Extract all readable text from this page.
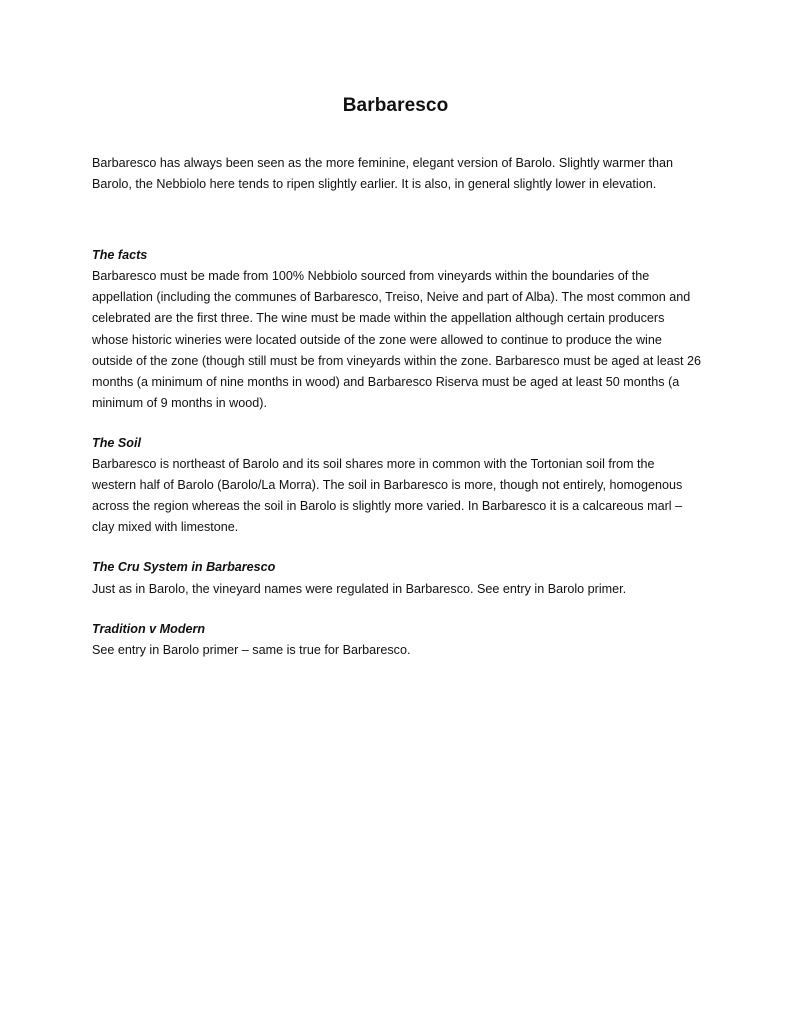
Barbaresco

Barbaresco has always been seen as the more feminine, elegant version of Barolo. Slightly warmer than Barolo, the Nebbiolo here tends to ripen slightly earlier. It is also, in general slightly lower in elevation.

The facts

Barbaresco must be made from 100% Nebbiolo sourced from vineyards within the boundaries of the appellation (including the communes of Barbaresco, Treiso, Neive and part of Alba). The most common and celebrated are the first three. The wine must be made within the appellation although certain producers whose historic wineries were located outside of the zone were allowed to continue to produce the wine outside of the zone (though still must be from vineyards within the zone. Barbaresco must be aged at least 26 months (a minimum of nine months in wood) and Barbaresco Riserva must be aged at least 50 months (a minimum of 9 months in wood).

The Soil

Barbaresco is northeast of Barolo and its soil shares more in common with the Tortonian soil from the western half of Barolo (Barolo/La Morra). The soil in Barbaresco is more, though not entirely, homogenous across the region whereas the soil in Barolo is slightly more varied. In Barbaresco it is a calcareous marl – clay mixed with limestone.

The Cru System in Barbaresco

Just as in Barolo, the vineyard names were regulated in Barbaresco. See entry in Barolo primer.

Tradition v Modern

See entry in Barolo primer – same is true for Barbaresco.
